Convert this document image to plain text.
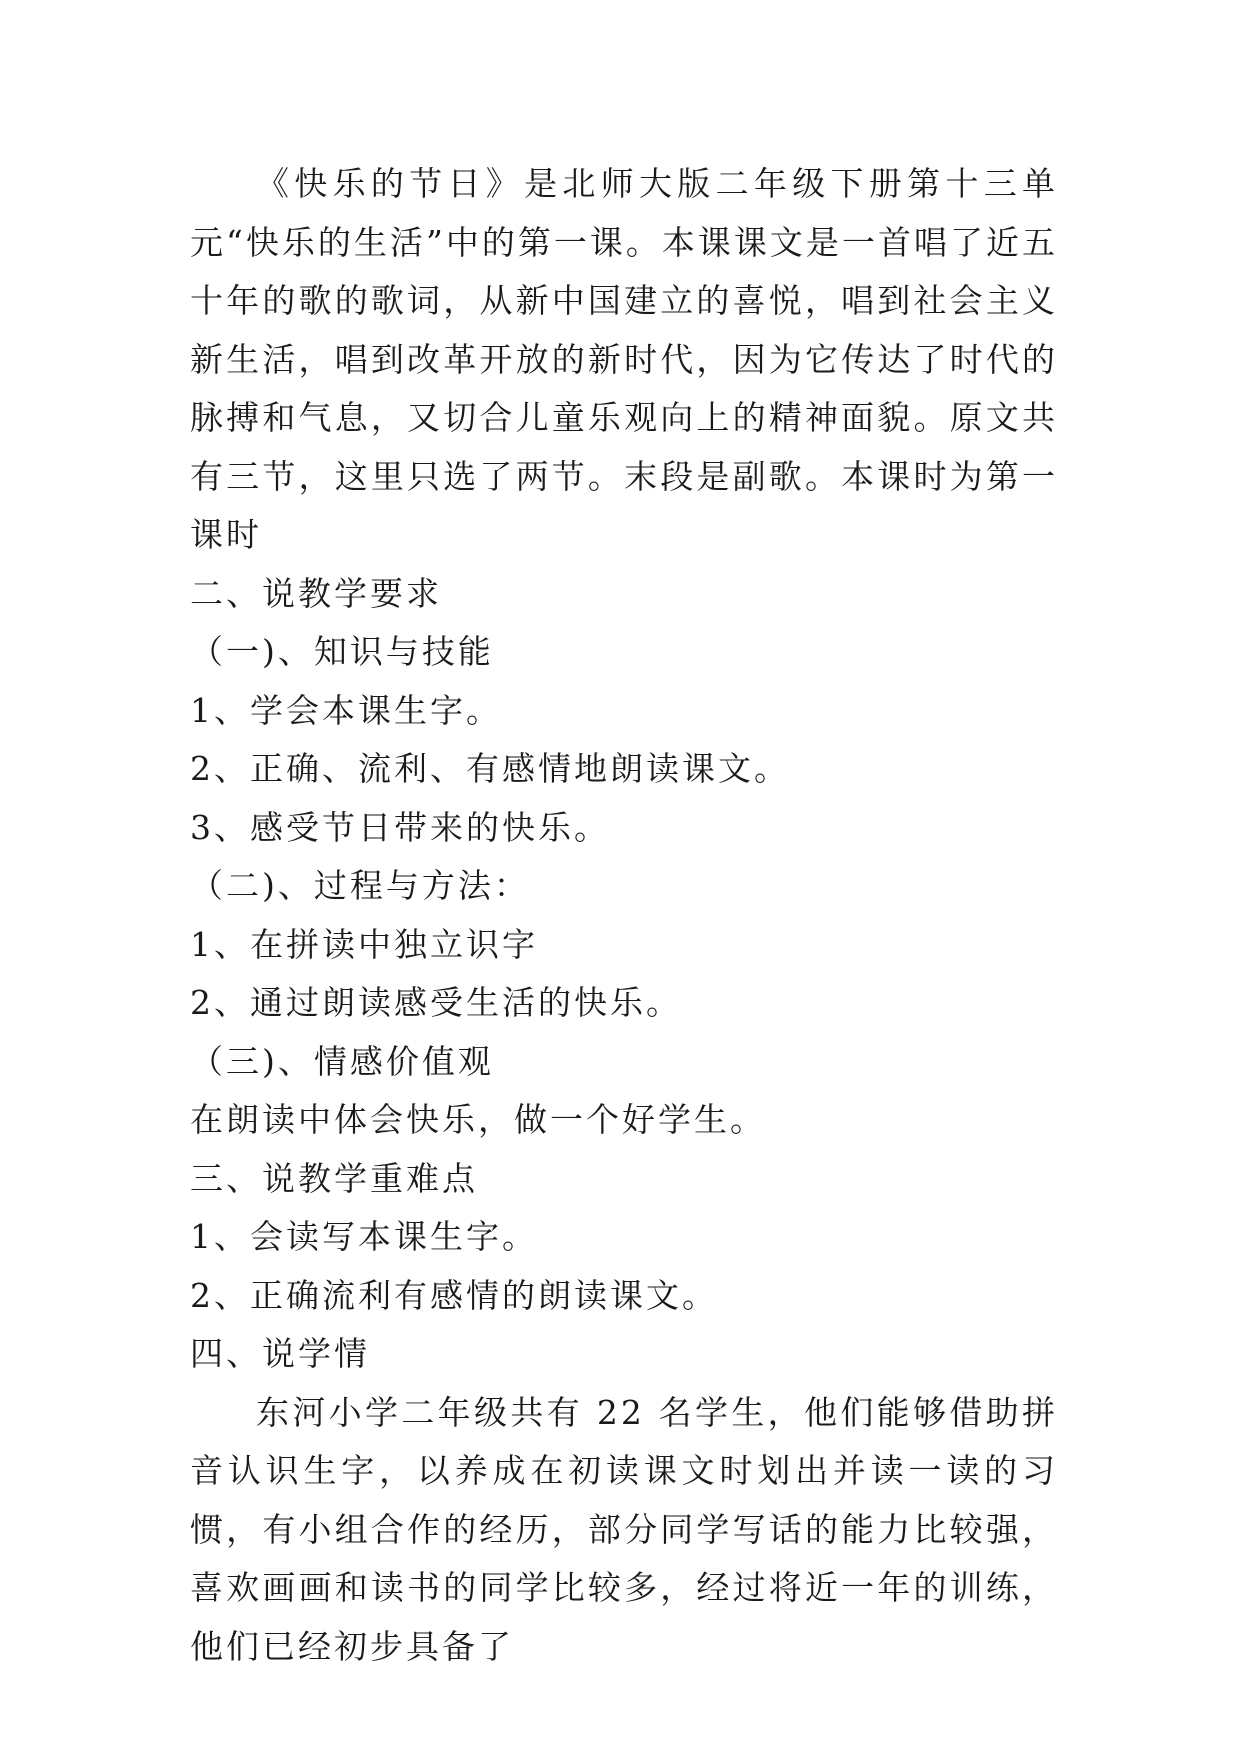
《快乐的节日》是北师大版二年级下册第十三单元“快乐的生活”中的第一课。本课课文是一首唱了近五十年的歌的歌词，从新中国建立的喜悦，唱到社会主义新生活，唱到改革开放的新时代，因为它传达了时代的脉搏和气息，又切合儿童乐观向上的精神面貌。原文共有三节，这里只选了两节。末段是副歌。本课时为第一课时

二、说教学要求

（一)、知识与技能

1、学会本课生字。

2、正确、流利、有感情地朗读课文。

3、感受节日带来的快乐。

（二)、过程与方法：

1、在拼读中独立识字

2、通过朗读感受生活的快乐。

（三)、情感价值观

在朗读中体会快乐，做一个好学生。

三、说教学重难点

1、会读写本课生字。

2、正确流利有感情的朗读课文。

四、说学情

东河小学二年级共有 22 名学生，他们能够借助拼音认识生字，以养成在初读课文时划出并读一读的习惯，有小组合作的经历，部分同学写话的能力比较强，喜欢画画和读书的同学比较多，经过将近一年的训练，他们已经初步具备了
